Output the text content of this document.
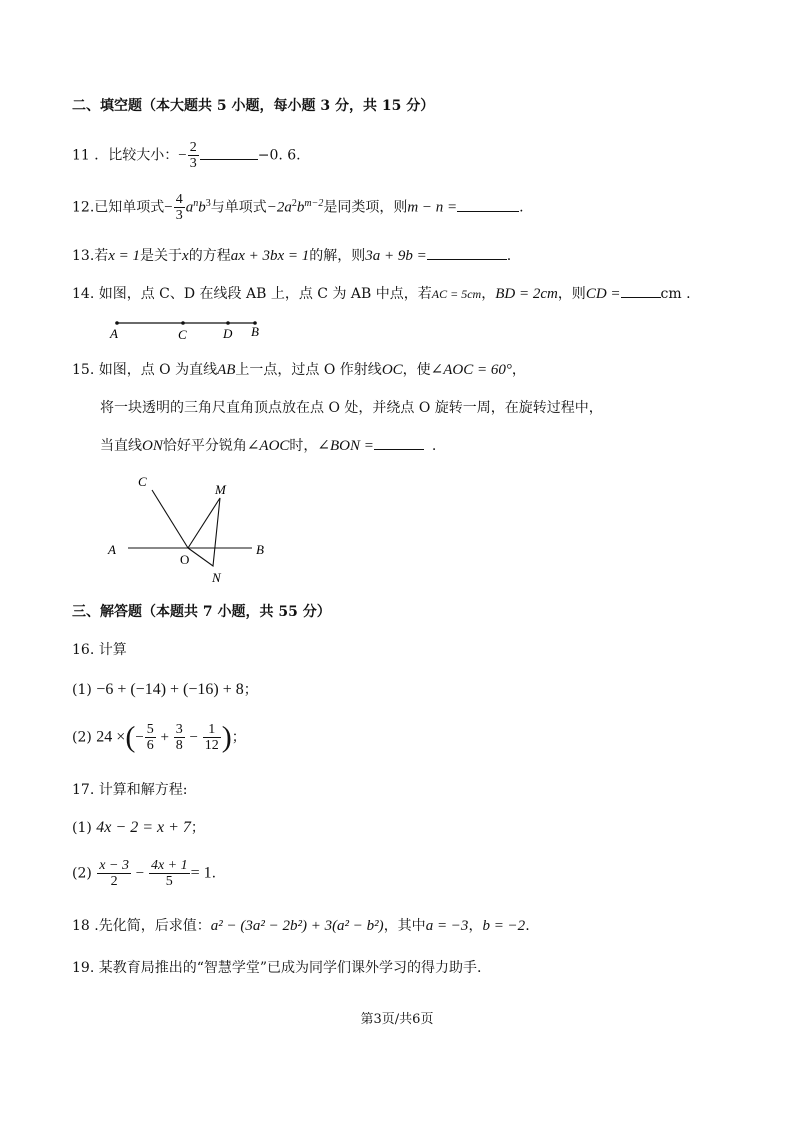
二、填空题（本大题共 5 小题，每小题 3 分，共 15 分）
11 ．比较大小：− $\frac{2}{3}$	−0. 6.
12.已知单项式− $\frac{4}{3} a^nb^3$与单项式$-2a^2b^{m-2}$是同类项，则m − n =	.
13.若x = 1是关于x的方程ax + 3bx = 1的解，则3a + 9b =	.
14. 如图，点 C、D 在线段 AB 上，点 C 为 AB 中点，若AC = 5cm，BD = 2cm，则CD =	cm .
A	C	D B
15. 如图，点 O 为直线AB上一点，过点 O 作射线OC，使∠AOC = 60°，
将一块透明的三角尺直角顶点放在点 O 处，并绕点 O 旋转一周，在旋转过程中，
当直线ON恰好平分锐角∠AOC时，∠BON =	.
C
M
A
O
B
N
三、解答题（本题共 7 小题，共 55 分）
16. 计算
(1) −6 + (−14) + (−16) + 8；
(2) 24 ×(− $\frac{5}{6} + \frac{3}{8} - \frac{1}{12}$ )；
17. 计算和解方程:
(1) 4x − 2 = x + 7；
$(2) \frac{x - 3}{2} - \frac{4x + 1}{5} = 1$.
18 .先化简，后求值：a² − (3a² − 2b²) + 3(a² − b²)，其中a = −3，b = −2.
19. 某教育局推出的“智慧学堂”已成为同学们课外学习的得力助手.
第3页/共6页
